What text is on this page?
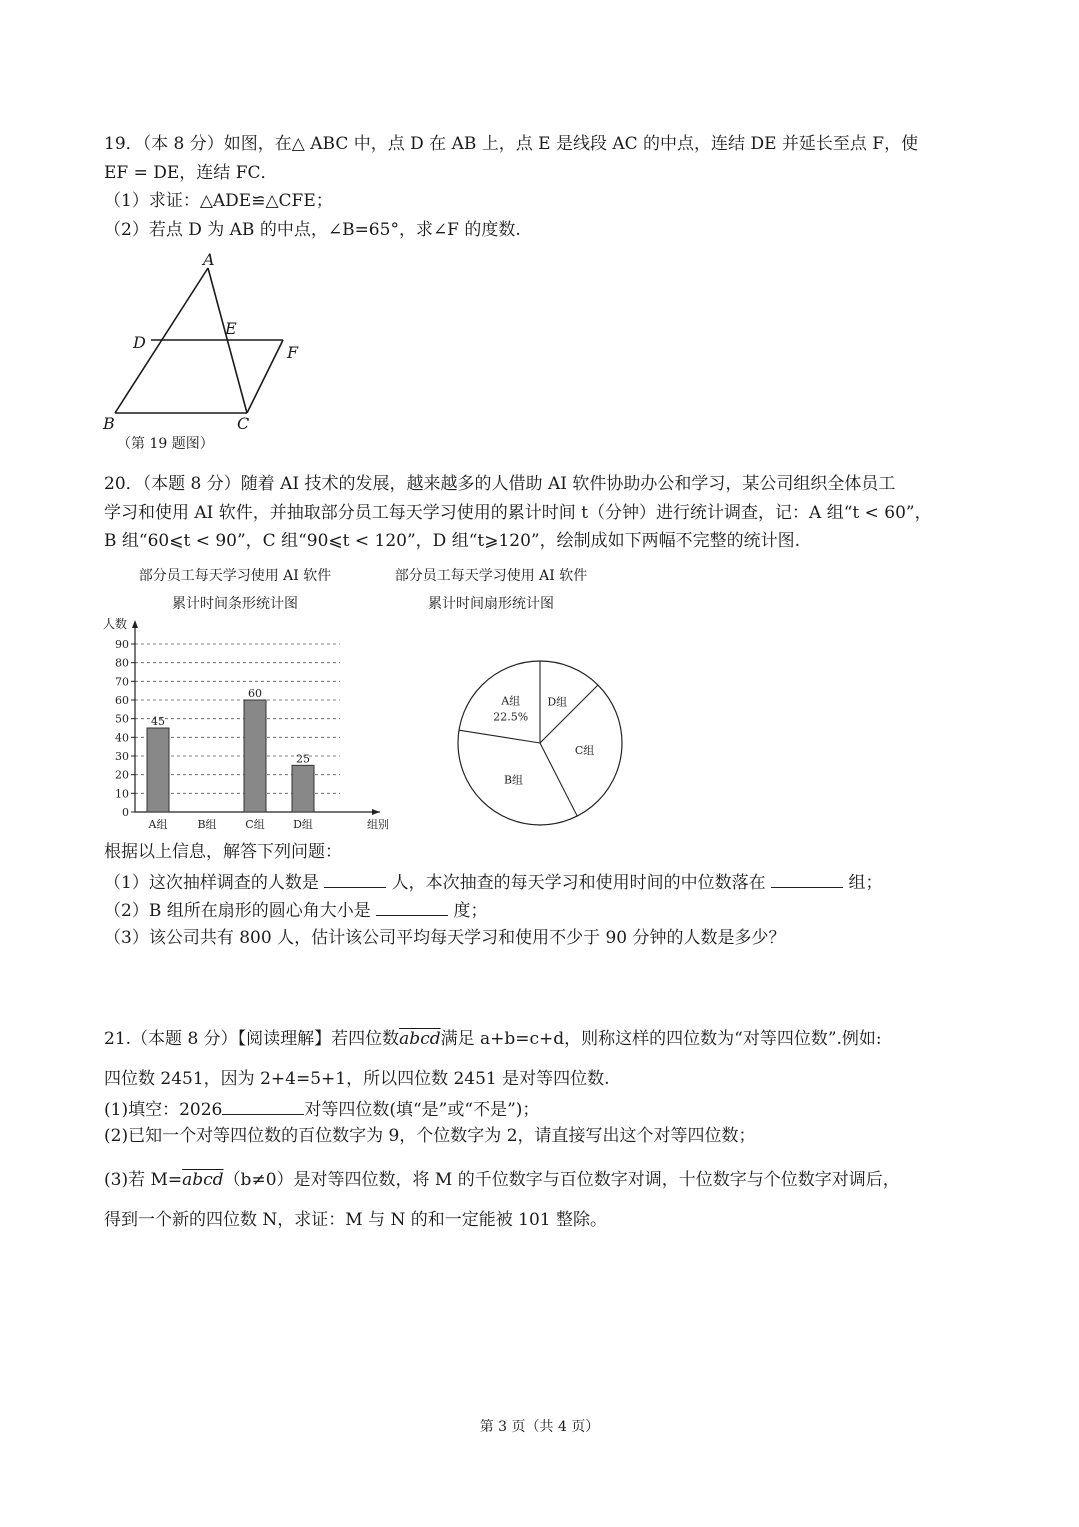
19．（本 8 分）如图，在△ ABC 中，点 D 在 AB 上，点 E 是线段 AC 的中点，连结 DE 并延长至点 F，使
EF = DE，连结 FC．
（1）求证：△ADE≌△CFE；
（2）若点 D 为 AB 的中点，∠B=65°，求∠F 的度数.
A
B	C
D
E
F
（第 19 题图）
20．（本题 8 分）随着 AI 技术的发展，越来越多的人借助 AI 软件协助办公和学习，某公司组织全体员工
学习和使用 AI 软件，并抽取部分员工每天学习使用的累计时间 t（分钟）进行统计调查，记：A 组“t < 60”，
B 组“60⩽t < 90”，C 组“90⩽t < 120”，D 组“t⩾120”，绘制成如下两幅不完整的统计图.
部分员工每天学习使用 AI 软件
累计时间条形统计图
部分员工每天学习使用 AI 软件
累计时间扇形统计图
0
10
20
30
40
50
60
70
80
90
人数
组别
45
A组	B组
60
C组
25
D组
A组
22.5%
D组
C组
B组
根据以上信息，解答下列问题：
（1）这次抽样调查的人数是	人，本次抽查的每天学习和使用时间的中位数落在	组；
（2）B 组所在扇形的圆心角大小是	度；
（3）该公司共有 800 人，估计该公司平均每天学习和使用不少于 90 分钟的人数是多少？
21.（本题 8 分）【阅读理解】若四位数abcd满足 a+b=c+d，则称这样的四位数为“对等四位数”.例如:
四位数 2451，因为 2+4=5+1，所以四位数 2451 是对等四位数.
(1)填空：2026	对等四位数(填“是”或“不是”)；
(2)已知一个对等四位数的百位数字为 9，个位数字为 2，请直接写出这个对等四位数；
(3)若 M=abcd（b≠0）是对等四位数，将 M 的千位数字与百位数字对调，十位数字与个位数字对调后，
得到一个新的四位数 N，求证：M 与 N 的和一定能被 101 整除。
第 3 页（共 4 页）
